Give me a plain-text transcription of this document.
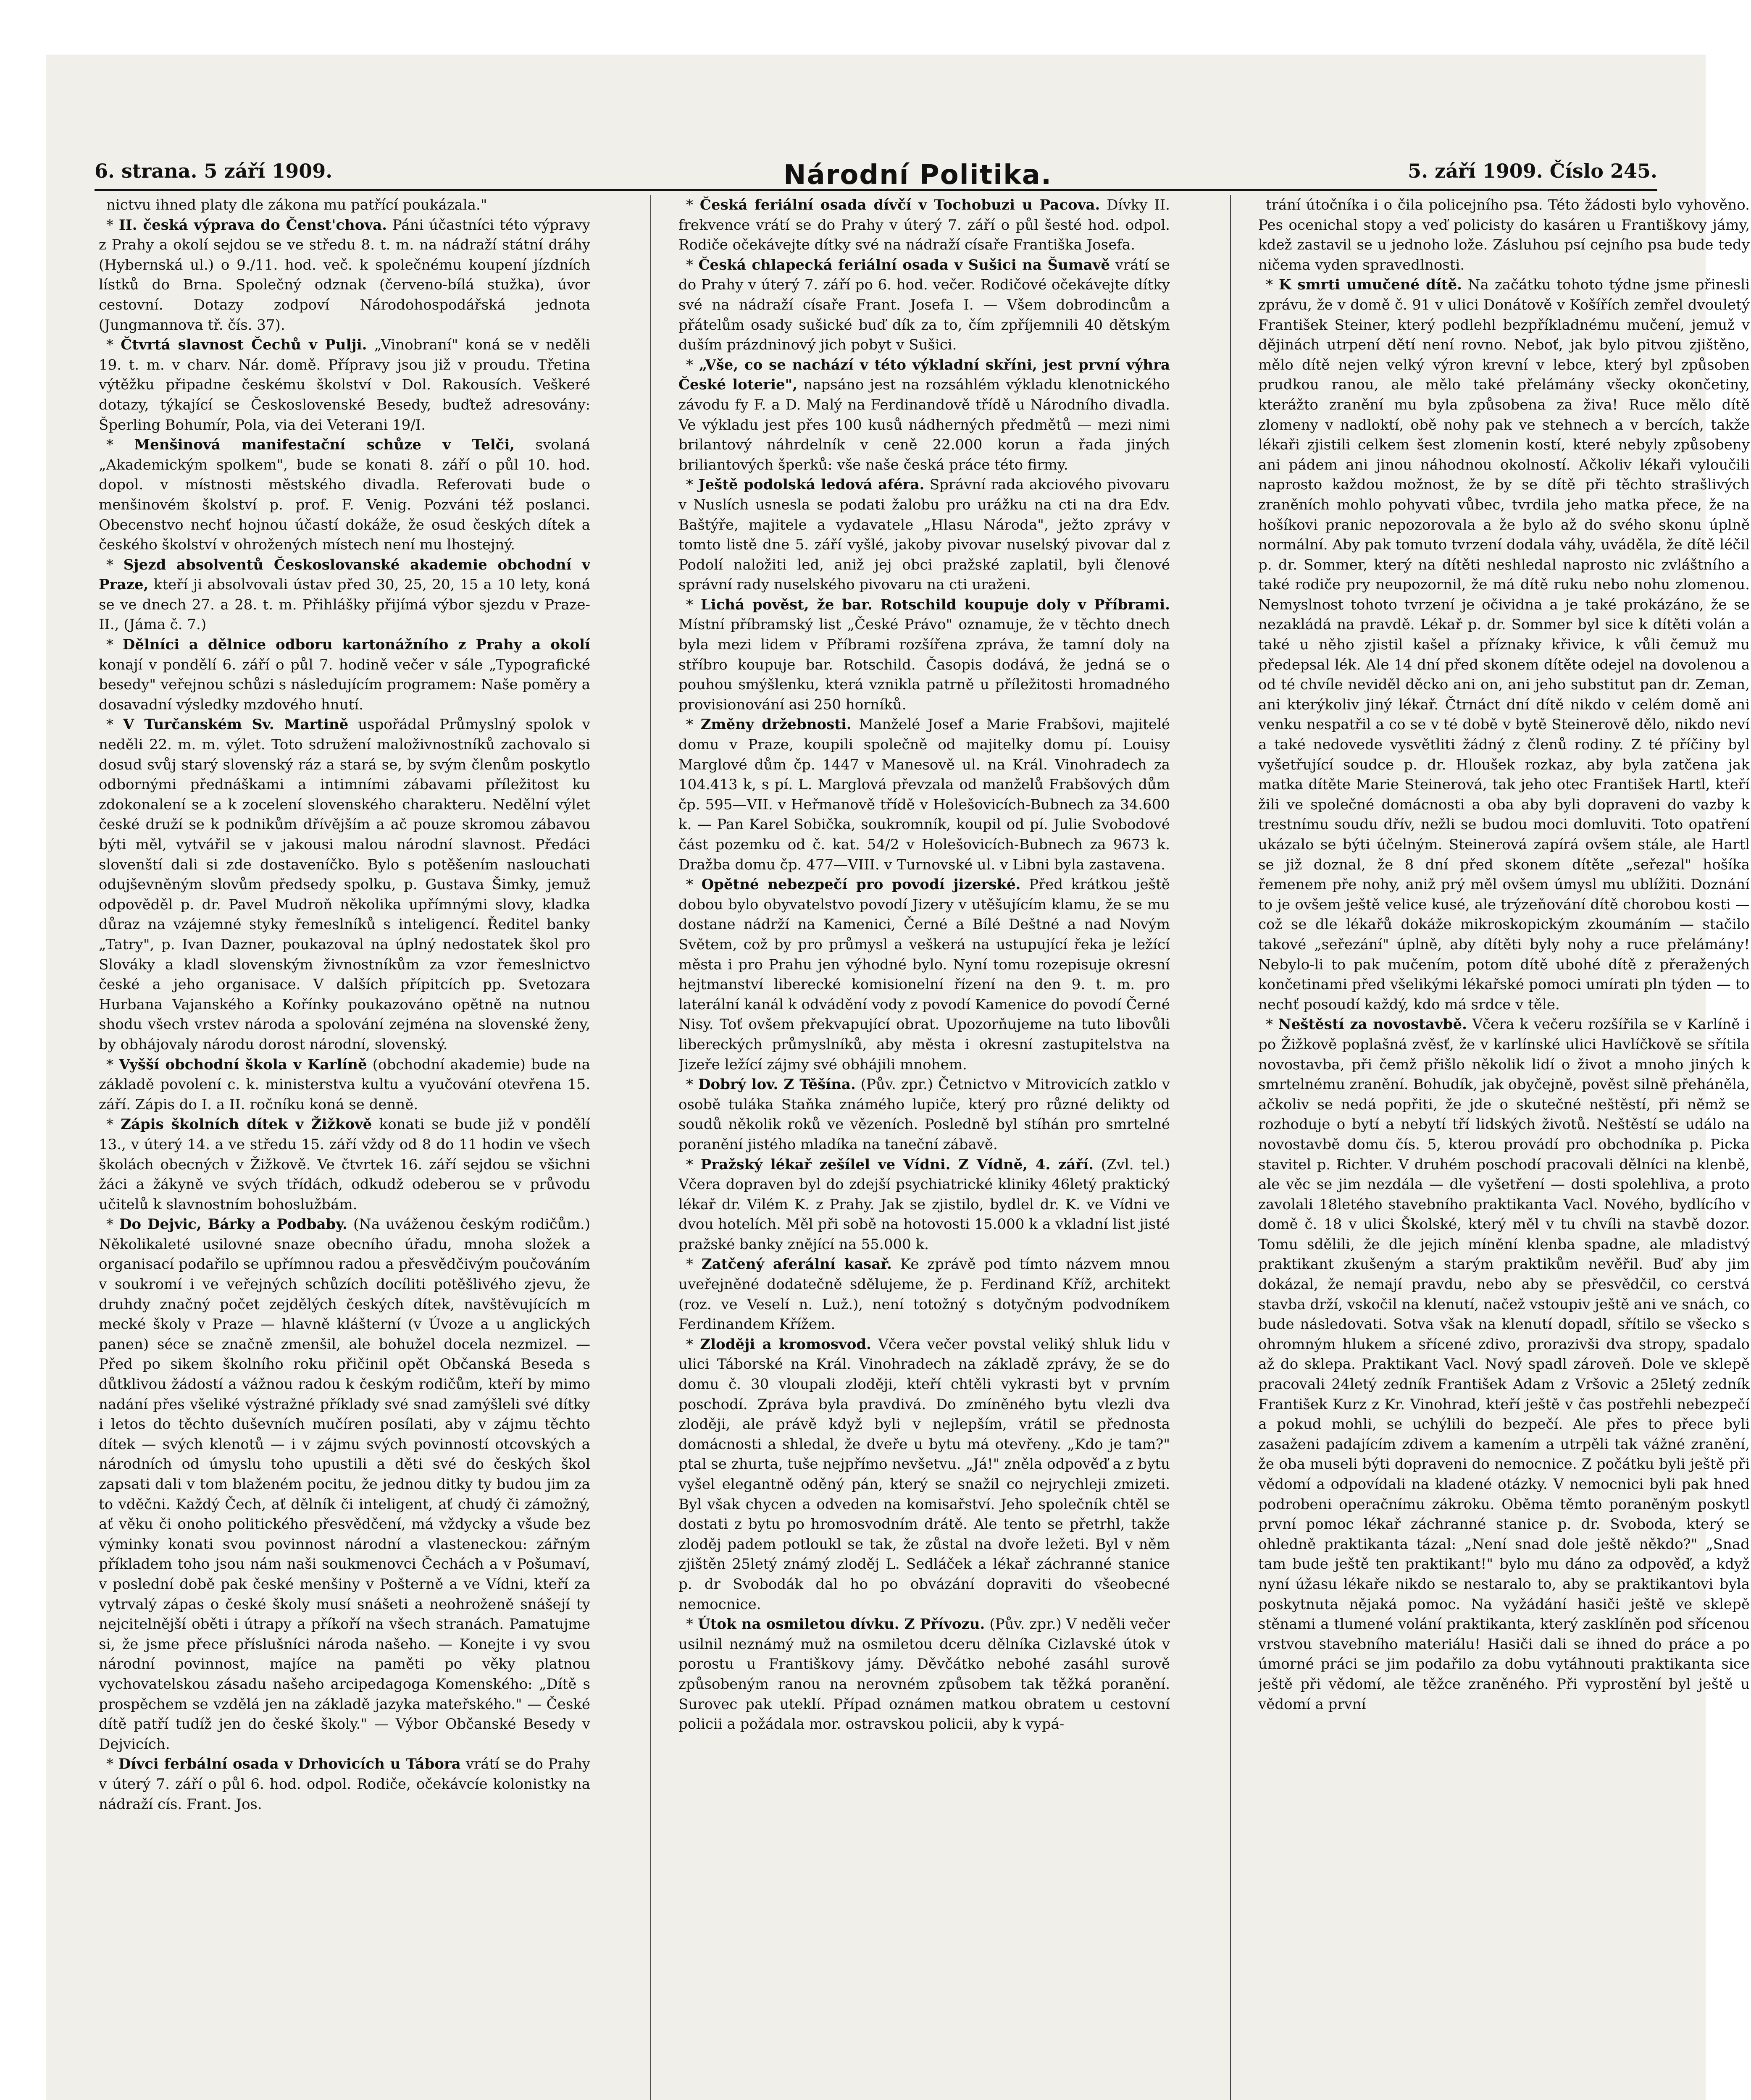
6. strana. 5 září 1909.	Národní Politika.	5. září 1909. Číslo 245.

nictvu ihned platy dle zákona mu patřící poukázala."

* II. česká výprava do Čenst'chova. Páni účastníci této výpravy z Prahy a okolí sejdou se ve středu 8. t. m. na nádraží státní dráhy (Hybernská ul.) o 9./11. hod. več. k společnému koupení jízdních lístků do Brna. Společný odznak (červeno-bílá stužka), úvor cestovní. Dotazy zodpoví Národohospodářská jednota (Jungmannova tř. čís. 37).

* Čtvrtá slavnost Čechů v Pulji. „Vinobraní" koná se v neděli 19. t. m. v charv. Nár. domě. Přípravy jsou již v proudu. Třetina výtěžku připadne českému školství v Dol. Rakousích. Veškeré dotazy, týkající se Československé Besedy, buďtež adresovány: Šperling Bohumír, Pola, via dei Veterani 19/I.

* Menšinová manifestační schůze v Telči, svolaná „Akademickým spolkem", bude se konati 8. září o půl 10. hod. dopol. v místnosti městského divadla. Referovati bude o menšinovém školství p. prof. F. Venig. Pozváni též poslanci. Obecenstvo nechť hojnou účastí dokáže, že osud českých dítek a českého školství v ohrožených místech není mu lhostejný.

* Sjezd absolventů Českoslovanské akademie obchodní v Praze, kteří ji absolvovali ústav před 30, 25, 20, 15 a 10 lety, koná se ve dnech 27. a 28. t. m. Přihlášky přijímá výbor sjezdu v Praze-II., (Jáma č. 7.)

* Dělníci a dělnice odboru kartonážního z Prahy a okolí konají v pondělí 6. září o půl 7. hodině večer v sále „Typografické besedy" veřejnou schůzi s následujícím programem: Naše poměry a dosavadní výsledky mzdového hnutí.

* V Turčanském Sv. Martině uspořádal Průmyslný spolok v neděli 22. m. m. výlet. Toto sdružení maloživnostníků zachovalo si dosud svůj starý slovenský ráz a stará se, by svým členům poskytlo odbornými přednáškami a intimními zábavami příležitost ku zdokonalení se a k zocelení slovenského charakteru. Nedělní výlet české druží se k podnikům dřívějším a ač pouze skromou zábavou býti měl, vytvářil se v jakousi malou národní slavnost. Předáci slovenští dali si zde dostaveníčko. Bylo s potěšením naslouchati odujševněným slovům předsedy spolku, p. Gustava Šimky, jemuž odpověděl p. dr. Pavel Mudroň několika upřímnými slovy, kladka důraz na vzájemné styky řemeslníků s inteligencí. Ředitel banky „Tatry", p. Ivan Dazner, poukazoval na úplný nedostatek škol pro Slováky a kladl slovenským živnostníkům za vzor řemeslnictvo české a jeho organisace. V dalších přípitcích pp. Svetozara Hurbana Vajanského a Kořínky poukazováno opětně na nutnou shodu všech vrstev národa a spolování zejména na slovenské ženy, by obhájovaly národu dorost národní, slovenský.

* Vyšší obchodní škola v Karlíně (obchodní akademie) bude na základě povolení c. k. ministerstva kultu a vyučování otevřena 15. září. Zápis do I. a II. ročníku koná se denně.

* Zápis školních dítek v Žižkově konati se bude již v pondělí 13., v úterý 14. a ve středu 15. září vždy od 8 do 11 hodin ve všech školách obecných v Žižkově. Ve čtvrtek 16. září sejdou se všichni žáci a žákyně ve svých třídách, odkudž odeberou se v průvodu učitelů k slavnostním bohoslužbám.

* Do Dejvic, Bárky a Podbaby. (Na uváženou českým rodičům.) Několikaleté usilovné snaze obecního úřadu, mnoha složek a organisací podařilo se upřímnou radou a přesvědčivým poučováním v soukromí i ve veřejných schůzích docíliti potěšlivého zjevu, že druhdy značný počet zejdělých českých dítek, navštěvujících m mecké školy v Praze — hlavně klášterní (v Úvoze a u anglických panen) séce se značně zmenšil, ale bohužel docela nezmizel. — Před po sikem školního roku přičinil opět Občanská Beseda s důtklivou žádostí a vážnou radou k českým rodičům, kteří by mimo nadání přes všeliké výstražné příklady své snad zamýšleli své dítky i letos do těchto duševních mučíren posílati, aby v zájmu těchto dítek — svých klenotů — i v zájmu svých povinností otcovských a národních od úmyslu toho upustili a děti své do českých škol zapsati dali v tom blaženém pocitu, že jednou ditky ty budou jim za to vděčni. Každý Čech, ať dělník či inteligent, ať chudý či zámožný, ať věku či onoho politického přesvědčení, má vždycky a všude bez výminky konati svou povinnost národní a vlasteneckou: zářným příkladem toho jsou nám naši soukmenovci Čechách a v Pošumaví, v poslední době pak české menšiny v Pošterně a ve Vídni, kteří za vytrvalý zápas o české školy musí snášeti a neohroženě snášejí ty nejcitelnější oběti i útrapy a příkoří na všech stranách. Pamatujme si, že jsme přece příslušníci národa našeho. — Konejte i vy svou národní povinnost, majíce na paměti po věky platnou vychovatelskou zásadu našeho arcipedagoga Komenského: „Dítě s prospěchem se vzdělá jen na základě jazyka mateřského." — České dítě patří tudíž jen do české školy." — Výbor Občanské Besedy v Dejvicích.

* Dívci ferbální osada v Drhovicích u Tábora vrátí se do Prahy v úterý 7. září o půl 6. hod. odpol. Rodiče, očekávcíe kolonistky na nádraží cís. Frant. Jos.

* Česká feriální osada dívčí v Tochobuzi u Pacova. Dívky II. frekvence vrátí se do Prahy v úterý 7. září o půl šesté hod. odpol. Rodiče očekávejte dítky své na nádraží císaře Františka Josefa.

* Česká chlapecká feriální osada v Sušici na Šumavě vrátí se do Prahy v úterý 7. září po 6. hod. večer. Rodičové očekávejte dítky své na nádraží císaře Frant. Josefa I. — Všem dobrodincům a přátelům osady sušické buď dík za to, čím zpříjemnili 40 dětským duším prázdninový jich pobyt v Sušici.

* „Vše, co se nachází v této výkladní skříni, jest první výhra České loterie", napsáno jest na rozsáhlém výkladu klenotnického závodu fy F. a D. Malý na Ferdinandově třídě u Národního divadla. Ve výkladu jest přes 100 kusů nádherných předmětů — mezi nimi brilantový náhrdelník v ceně 22.000 korun a řada jiných briliantových šperků: vše naše česká práce této firmy.

* Ještě podolská ledová aféra. Správní rada akciového pivovaru v Nuslích usnesla se podati žalobu pro urážku na cti na dra Edv. Baštýře, majitele a vydavatele „Hlasu Národa", ježto zprávy v tomto listě dne 5. září vyšlé, jakoby pivovar nuselský pivovar dal z Podolí naložiti led, aniž jej obci pražské zaplatil, byli členové správní rady nuselského pivovaru na cti uraženi.

* Lichá pověst, že bar. Rotschild koupuje doly v Příbrami. Místní příbramský list „České Právo" oznamuje, že v těchto dnech byla mezi lidem v Příbrami rozšířena zpráva, že tamní doly na stříbro koupuje bar. Rotschild. Časopis dodává, že jedná se o pouhou smýšlenku, která vznikla patrně u příležitosti hromadného provisionování asi 250 horníků.

* Změny držebnosti. Manželé Josef a Marie Frabšovi, majitelé domu v Praze, koupili společně od majitelky domu pí. Louisy Marglové dům čp. 1447 v Manesově ul. na Král. Vinohradech za 104.413 k, s pí. L. Marglová převzala od manželů Frabšových dům čp. 595—VII. v Heřmanově třídě v Holešovicích-Bubnech za 34.600 k. — Pan Karel Sobička, soukromník, koupil od pí. Julie Svobodové část pozemku od č. kat. 54/2 v Holešovicích-Bubnech za 9673 k. Dražba domu čp. 477—VIII. v Turnovské ul. v Libni byla zastavena.

* Opětné nebezpečí pro povodí jizerské. Před krátkou ještě dobou bylo obyvatelstvo povodí Jizery v utěšujícím klamu, že se mu dostane nádrží na Kamenici, Černé a Bílé Deštné a nad Novým Světem, což by pro průmysl a veškerá na ustupující řeka je ležící města i pro Prahu jen výhodné bylo. Nyní tomu rozepisuje okresní hejtmanství liberecké komisionelní řízení na den 9. t. m. pro laterální kanál k odvádění vody z povodí Kamenice do povodí Černé Nisy. Toť ovšem překvapující obrat. Upozorňujeme na tuto libovůli libereckých průmyslníků, aby města i okresní zastupitelstva na Jizeře ležící zájmy své obhájili mnohem.

* Dobrý lov. Z Těšína. (Pův. zpr.) Četnictvo v Mitrovicích zatklo v osobě tuláka Staňka známého lupiče, který pro různé delikty od soudů několik roků ve vězeních. Posledně byl stíhán pro smrtelné poranění jistého mladíka na taneční zábavě.

* Pražský lékař zešílel ve Vídni. Z Vídně, 4. září. (Zvl. tel.) Včera dopraven byl do zdejší psychiatrické kliniky 46letý praktický lékař dr. Vilém K. z Prahy. Jak se zjistilo, bydlel dr. K. ve Vídni ve dvou hotelích. Měl při sobě na hotovosti 15.000 k a vkladní list jisté pražské banky znějící na 55.000 k.

* Zatčený aferální kasař. Ke zprávě pod tímto názvem mnou uveřejněné dodatečně sdělujeme, že p. Ferdinand Kříž, architekt (roz. ve Veselí n. Luž.), není totožný s dotyčným podvodníkem Ferdinandem Křížem.

* Zloději a kromosvod. Včera večer povstal veliký shluk lidu v ulici Táborské na Král. Vinohradech na základě zprávy, že se do domu č. 30 vloupali zloději, kteří chtěli vykrasti byt v prvním poschodí. Zpráva byla pravdivá. Do zmíněného bytu vlezli dva zloději, ale právě když byli v nejlepším, vrátil se přednosta domácnosti a shledal, že dveře u bytu má otevřeny. „Kdo je tam?" ptal se zhurta, tuše nejpřímo nevšetvu. „Já!" zněla odpověď a z bytu vyšel elegantně oděný pán, který se snažil co nejrychleji zmizeti. Byl však chycen a odveden na komisařství. Jeho společník chtěl se dostati z bytu po hromosvodním drátě. Ale tento se přetrhl, takže zloděj padem potloukl se tak, že zůstal na dvoře ležeti. Byl v něm zjištěn 25letý známý zloděj L. Sedláček a lékař záchranné stanice p. dr Svobodák dal ho po obvázání dopraviti do všeobecné nemocnice.

* Útok na osmiletou dívku. Z Přívozu. (Pův. zpr.) V neděli večer usilnil neznámý muž na osmiletou dceru dělníka Cizlavské útok v porostu u Františkovy jámy. Děvčátko nebohé zasáhl surově způsobeným ranou na nerovném způsobem tak těžká poranění. Surovec pak uteklí. Případ oznámen matkou obratem u cestovní policii a požádala mor. ostravskou policii, aby k vypá-

trání útočníka i o čila policejního psa. Této žádosti bylo vyhověno. Pes ocenichal stopy a veď policisty do kasáren u Františkovy jámy, kdež zastavil se u jednoho lože. Zásluhou psí cejního psa bude tedy ničema vyden spravedlnosti.

* K smrti umučené dítě. Na začátku tohoto týdne jsme přinesli zprávu, že v domě č. 91 v ulici Donátově v Košířích zemřel dvouletý František Steiner, který podlehl bezpříkladnému mučení, jemuž v dějinách utrpení dětí není rovno. Neboť, jak bylo pitvou zjištěno, mělo dítě nejen velký výron krevní v lebce, který byl způsoben prudkou ranou, ale mělo také přelámány všecky okončetiny, kterážto zranění mu byla způsobena za živa! Ruce mělo dítě zlomeny v nadloktí, obě nohy pak ve stehnech a v bercích, takže lékaři zjistili celkem šest zlomenin kostí, které nebyly způsobeny ani pádem ani jinou náhodnou okolností. Ačkoliv lékaři vyloučili naprosto každou možnost, že by se dítě při těchto strašlivých zraněních mohlo pohyvati vůbec, tvrdila jeho matka přece, že na hošíkovi pranic nepozorovala a že bylo až do svého skonu úplně normální. Aby pak tomuto tvrzení dodala váhy, uváděla, že dítě léčil p. dr. Sommer, který na dítěti neshledal naprosto nic zvláštního a také rodiče pry neupozornil, že má dítě ruku nebo nohu zlomenou. Nemyslnost tohoto tvrzení je očividna a je také prokázáno, že se nezakládá na pravdě. Lékař p. dr. Sommer byl sice k dítěti volán a také u něho zjistil kašel a příznaky křivice, k vůli čemuž mu předepsal lék. Ale 14 dní před skonem dítěte odejel na dovolenou a od té chvíle neviděl děcko ani on, ani jeho substitut pan dr. Zeman, ani kterýkoliv jiný lékař. Čtrnáct dní dítě nikdo v celém domě ani venku nespatřil a co se v té době v bytě Steinerově dělo, nikdo neví a také nedovede vysvětliti žádný z členů rodiny. Z té příčiny byl vyšetřující soudce p. dr. Hloušek rozkaz, aby byla zatčena jak matka dítěte Marie Steinerová, tak jeho otec František Hartl, kteří žili ve společné domácnosti a oba aby byli dopraveni do vazby k trestnímu soudu dřív, nežli se budou moci domluviti. Toto opatření ukázalo se býti účelným. Steinerová zapírá ovšem stále, ale Hartl se již doznal, že 8 dní před skonem dítěte „seřezal" hošíka řemenem pře nohy, aniž prý měl ovšem úmysl mu ublížiti. Doznání to je ovšem ještě velice kusé, ale trýzeňování dítě chorobou kosti — což se dle lékařů dokáže mikroskopickým zkoumáním — stačilo takové „seřezání" úplně, aby dítěti byly nohy a ruce přelámány! Nebylo-li to pak mučením, potom dítě ubohé dítě z přeražených končetinami před všelikými lékařské pomoci umírati pln týden — to nechť posoudí každý, kdo má srdce v těle.

* Neštěstí za novostavbě. Včera k večeru rozšířila se v Karlíně i po Žižkově poplašná zvěsť, že v karlínské ulici Havlíčkově se sřítila novostavba, při čemž přišlo několik lidí o život a mnoho jiných k smrtelnému zranění. Bohudík, jak obyčejně, pověst silně přeháněla, ačkoliv se nedá popřiti, že jde o skutečné neštěstí, při němž se rozhoduje o bytí a nebytí tří lidských životů. Neštěstí se událo na novostavbě domu čís. 5, kterou provádí pro obchodníka p. Picka stavitel p. Richter. V druhém poschodí pracovali dělníci na klenbě, ale věc se jim nezdála — dle vyšetření — dosti spolehliva, a proto zavolali 18letého stavebního praktikanta Vacl. Nového, bydlícího v domě č. 18 v ulici Školské, který měl v tu chvíli na stavbě dozor. Tomu sdělili, že dle jejich mínění klenba spadne, ale mladistvý praktikant zkušeným a starým praktikům nevěřil. Buď aby jim dokázal, že nemají pravdu, nebo aby se přesvědčil, co cerstvá stavba drží, vskočil na klenutí, načež vstoupiv ještě ani ve snách, co bude následovati. Sotva však na klenutí dopadl, sřítilo se všecko s ohromným hlukem a sřícené zdivo, prorazivši dva stropy, spadalo až do sklepa. Praktikant Vacl. Nový spadl zároveň. Dole ve sklepě pracovali 24letý zedník František Adam z Vršovic a 25letý zedník František Kurz z Kr. Vinohrad, kteří ještě v čas postřehli nebezpečí a pokud mohli, se uchýlili do bezpečí. Ale přes to přece byli zasaženi padajícím zdivem a kamením a utrpěli tak vážné zranění, že oba museli býti dopraveni do nemocnice. Z počátku byli ještě při vědomí a odpovídali na kladené otázky. V nemocnici byli pak hned podrobeni operačnímu zákroku. Oběma těmto poraněným poskytl první pomoc lékař záchranné stanice p. dr. Svoboda, který se ohledně praktikanta tázal: „Není snad dole ještě někdo?" „Snad tam bude ještě ten praktikant!" bylo mu dáno za odpověď, a když nyní úžasu lékaře nikdo se nestaralo to, aby se praktikantovi byla poskytnuta nějaká pomoc. Na vyžádání hasiči ještě ve sklepě stěnami a tlumené volání praktikanta, který zasklíněn pod sřícenou vrstvou stavebního materiálu! Hasiči dali se ihned do práce a po úmorné práci se jim podařilo za dobu vytáhnouti praktikanta sice ještě při vědomí, ale těžce zraněného. Při vyprostění byl ještě u vědomí a první
